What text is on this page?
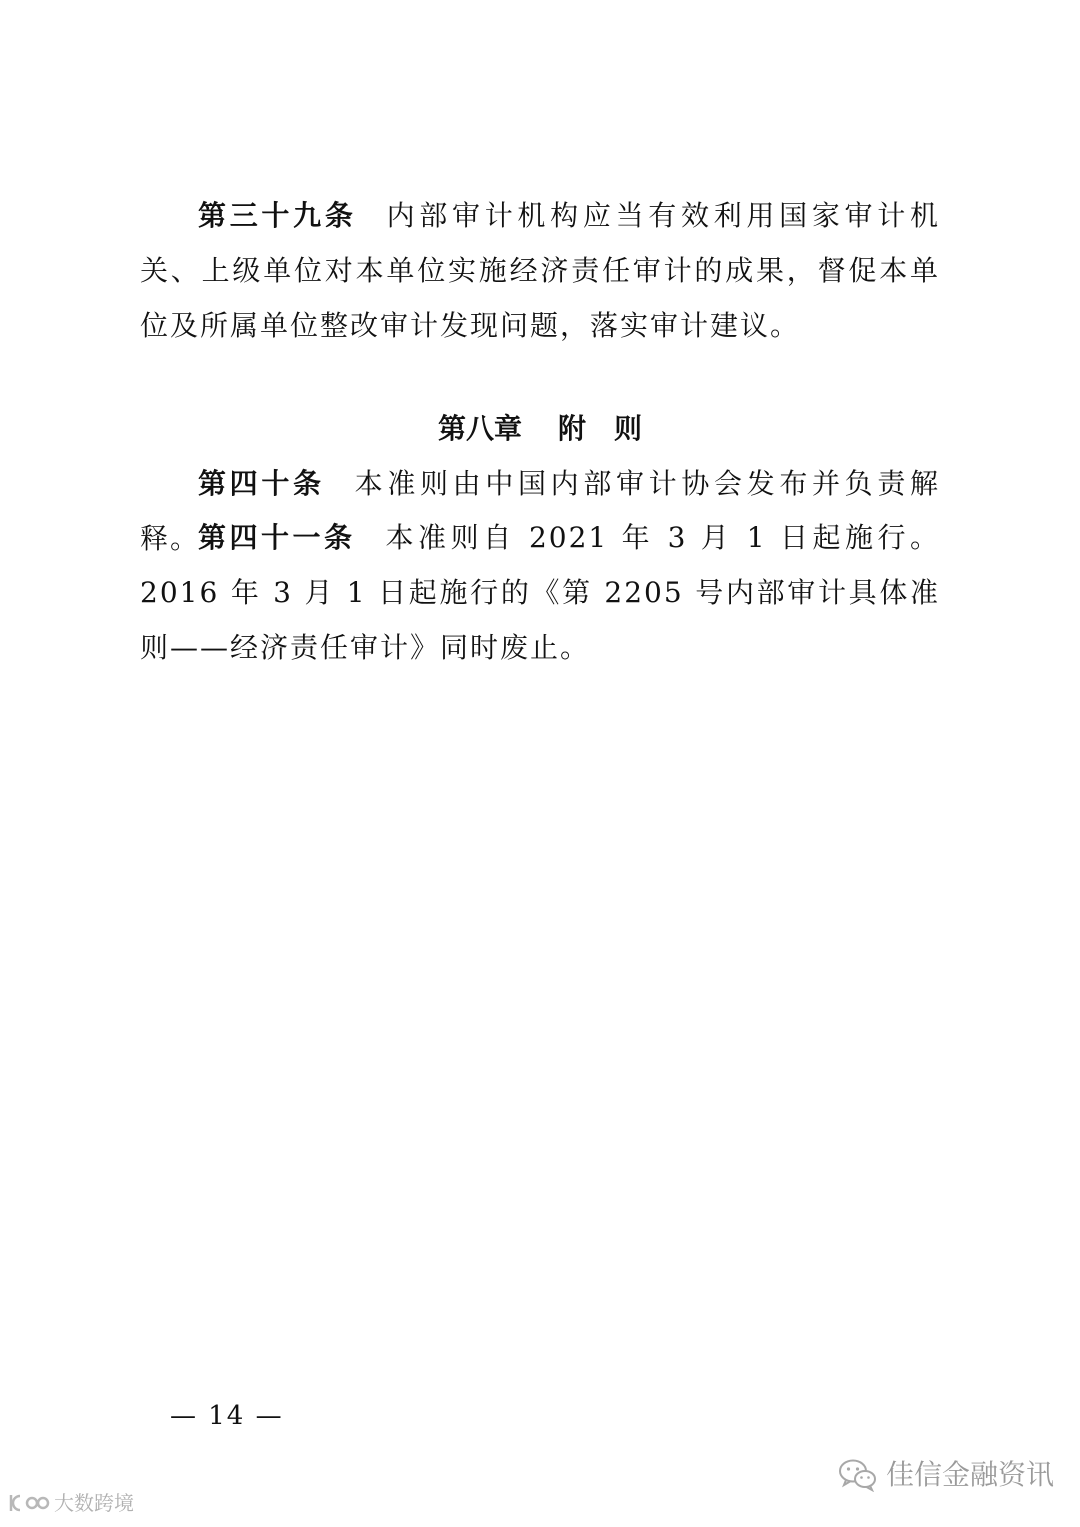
第三十九条 内部审计机构应当有效利用国家审计机关、上级单位对本单位实施经济责任审计的成果，督促本单位及所属单位整改审计发现问题，落实审计建议。

第八章 附　则

第四十条 本准则由中国内部审计协会发布并负责解释。

第四十一条 本准则自 2021 年 3 月 1 日起施行。2016 年 3 月 1 日起施行的《第 2205 号内部审计具体准则——经济责任审计》同时废止。

— 14 —
佳信金融资讯
大数跨境
